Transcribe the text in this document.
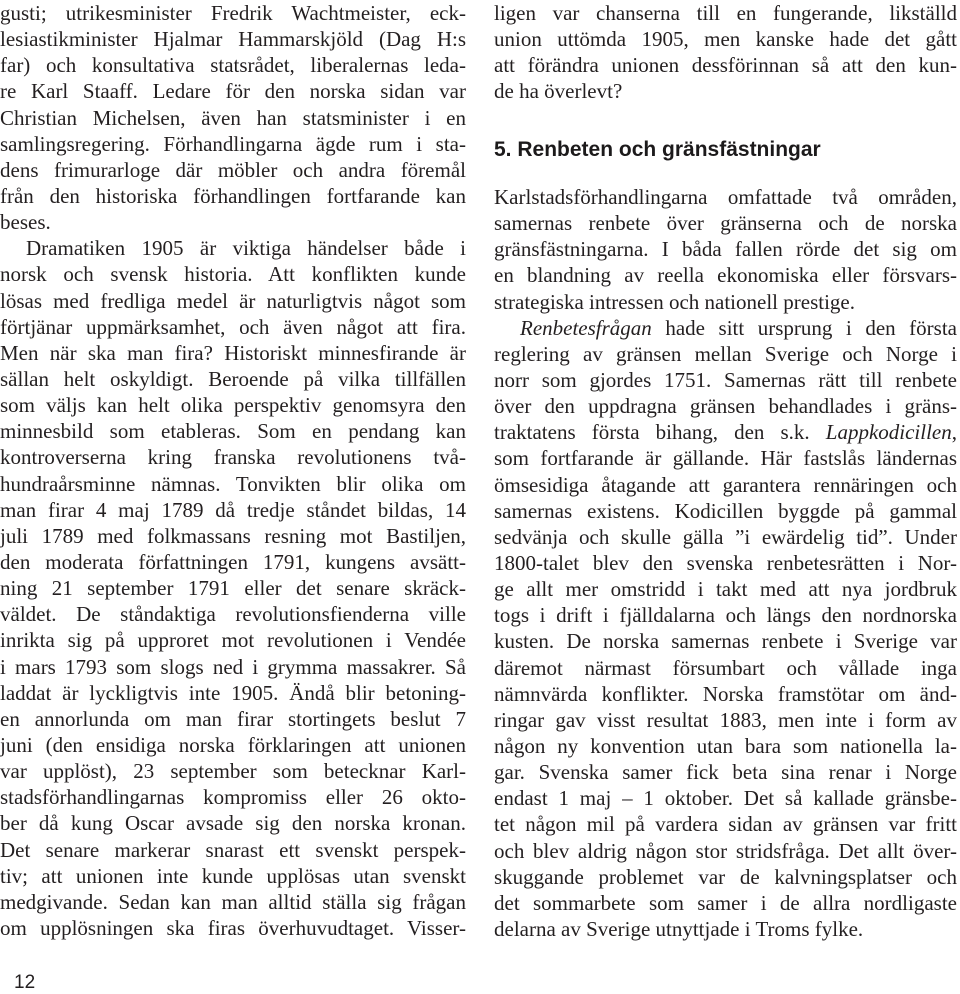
gusti; utrikesminister Fredrik Wachtmeister, eck-
lesiastikminister Hjalmar Hammarskjöld (Dag H:s
far) och konsultativa statsrådet, liberalernas leda-
re Karl Staaff. Ledare för den norska sidan var
Christian Michelsen, även han statsminister i en
samlingsregering. Förhandlingarna ägde rum i sta-
dens frimurarloge där möbler och andra föremål
från den historiska förhandlingen fortfarande kan
beses.
Dramatiken 1905 är viktiga händelser både i
norsk och svensk historia. Att konflikten kunde
lösas med fredliga medel är naturligtvis något som
förtjänar uppmärksamhet, och även något att fira.
Men när ska man fira? Historiskt minnesfirande är
sällan helt oskyldigt. Beroende på vilka tillfällen
som väljs kan helt olika perspektiv genomsyra den
minnesbild som etableras. Som en pendang kan
kontroverserna kring franska revolutionens två-
hundraårsminne nämnas. Tonvikten blir olika om
man firar 4 maj 1789 då tredje ståndet bildas, 14
juli 1789 med folkmassans resning mot Bastiljen,
den moderata författningen 1791, kungens avsätt-
ning 21 september 1791 eller det senare skräck-
väldet. De ståndaktiga revolutionsfienderna ville
inrikta sig på upproret mot revolutionen i Vendée
i mars 1793 som slogs ned i grymma massakrer. Så
laddat är lyckligtvis inte 1905. Ändå blir betoning-
en annorlunda om man firar stortingets beslut 7
juni (den ensidiga norska förklaringen att unionen
var upplöst), 23 september som betecknar Karl-
stadsförhandlingarnas kompromiss eller 26 okto-
ber då kung Oscar avsade sig den norska kronan.
Det senare markerar snarast ett svenskt perspek-
tiv; att unionen inte kunde upplösas utan svenskt
medgivande. Sedan kan man alltid ställa sig frågan
om upplösningen ska firas överhuvudtaget. Visser-
ligen var chanserna till en fungerande, likställd
union uttömda 1905, men kanske hade det gått
att förändra unionen dessförinnan så att den kun-
de ha överlevt?
5. Renbeten och gränsfästningar
Karlstadsförhandlingarna omfattade två områden,
samernas renbete över gränserna och de norska
gränsfästningarna. I båda fallen rörde det sig om
en blandning av reella ekonomiska eller försvars-
strategiska intressen och nationell prestige.
Renbetesfrågan hade sitt ursprung i den första
reglering av gränsen mellan Sverige och Norge i
norr som gjordes 1751. Samernas rätt till renbete
över den uppdragna gränsen behandlades i gräns-
traktatens första bihang, den s.k. Lappkodicillen,
som fortfarande är gällande. Här fastslås ländernas
ömsesidiga åtagande att garantera rennäringen och
samernas existens. Kodicillen byggde på gammal
sedvänja och skulle gälla ”i ewärdelig tid”. Under
1800-talet blev den svenska renbetesrätten i Nor-
ge allt mer omstridd i takt med att nya jordbruk
togs i drift i fjälldalarna och längs den nordnorska
kusten. De norska samernas renbete i Sverige var
däremot närmast försumbart och vållade inga
nämnvärda konflikter. Norska framstötar om änd-
ringar gav visst resultat 1883, men inte i form av
någon ny konvention utan bara som nationella la-
gar. Svenska samer fick beta sina renar i Norge
endast 1 maj – 1 oktober. Det så kallade gränsbe-
tet någon mil på vardera sidan av gränsen var fritt
och blev aldrig någon stor stridsfråga. Det allt över-
skuggande problemet var de kalvningsplatser och
det sommarbete som samer i de allra nordligaste
delarna av Sverige utnyttjade i Troms fylke.
12
